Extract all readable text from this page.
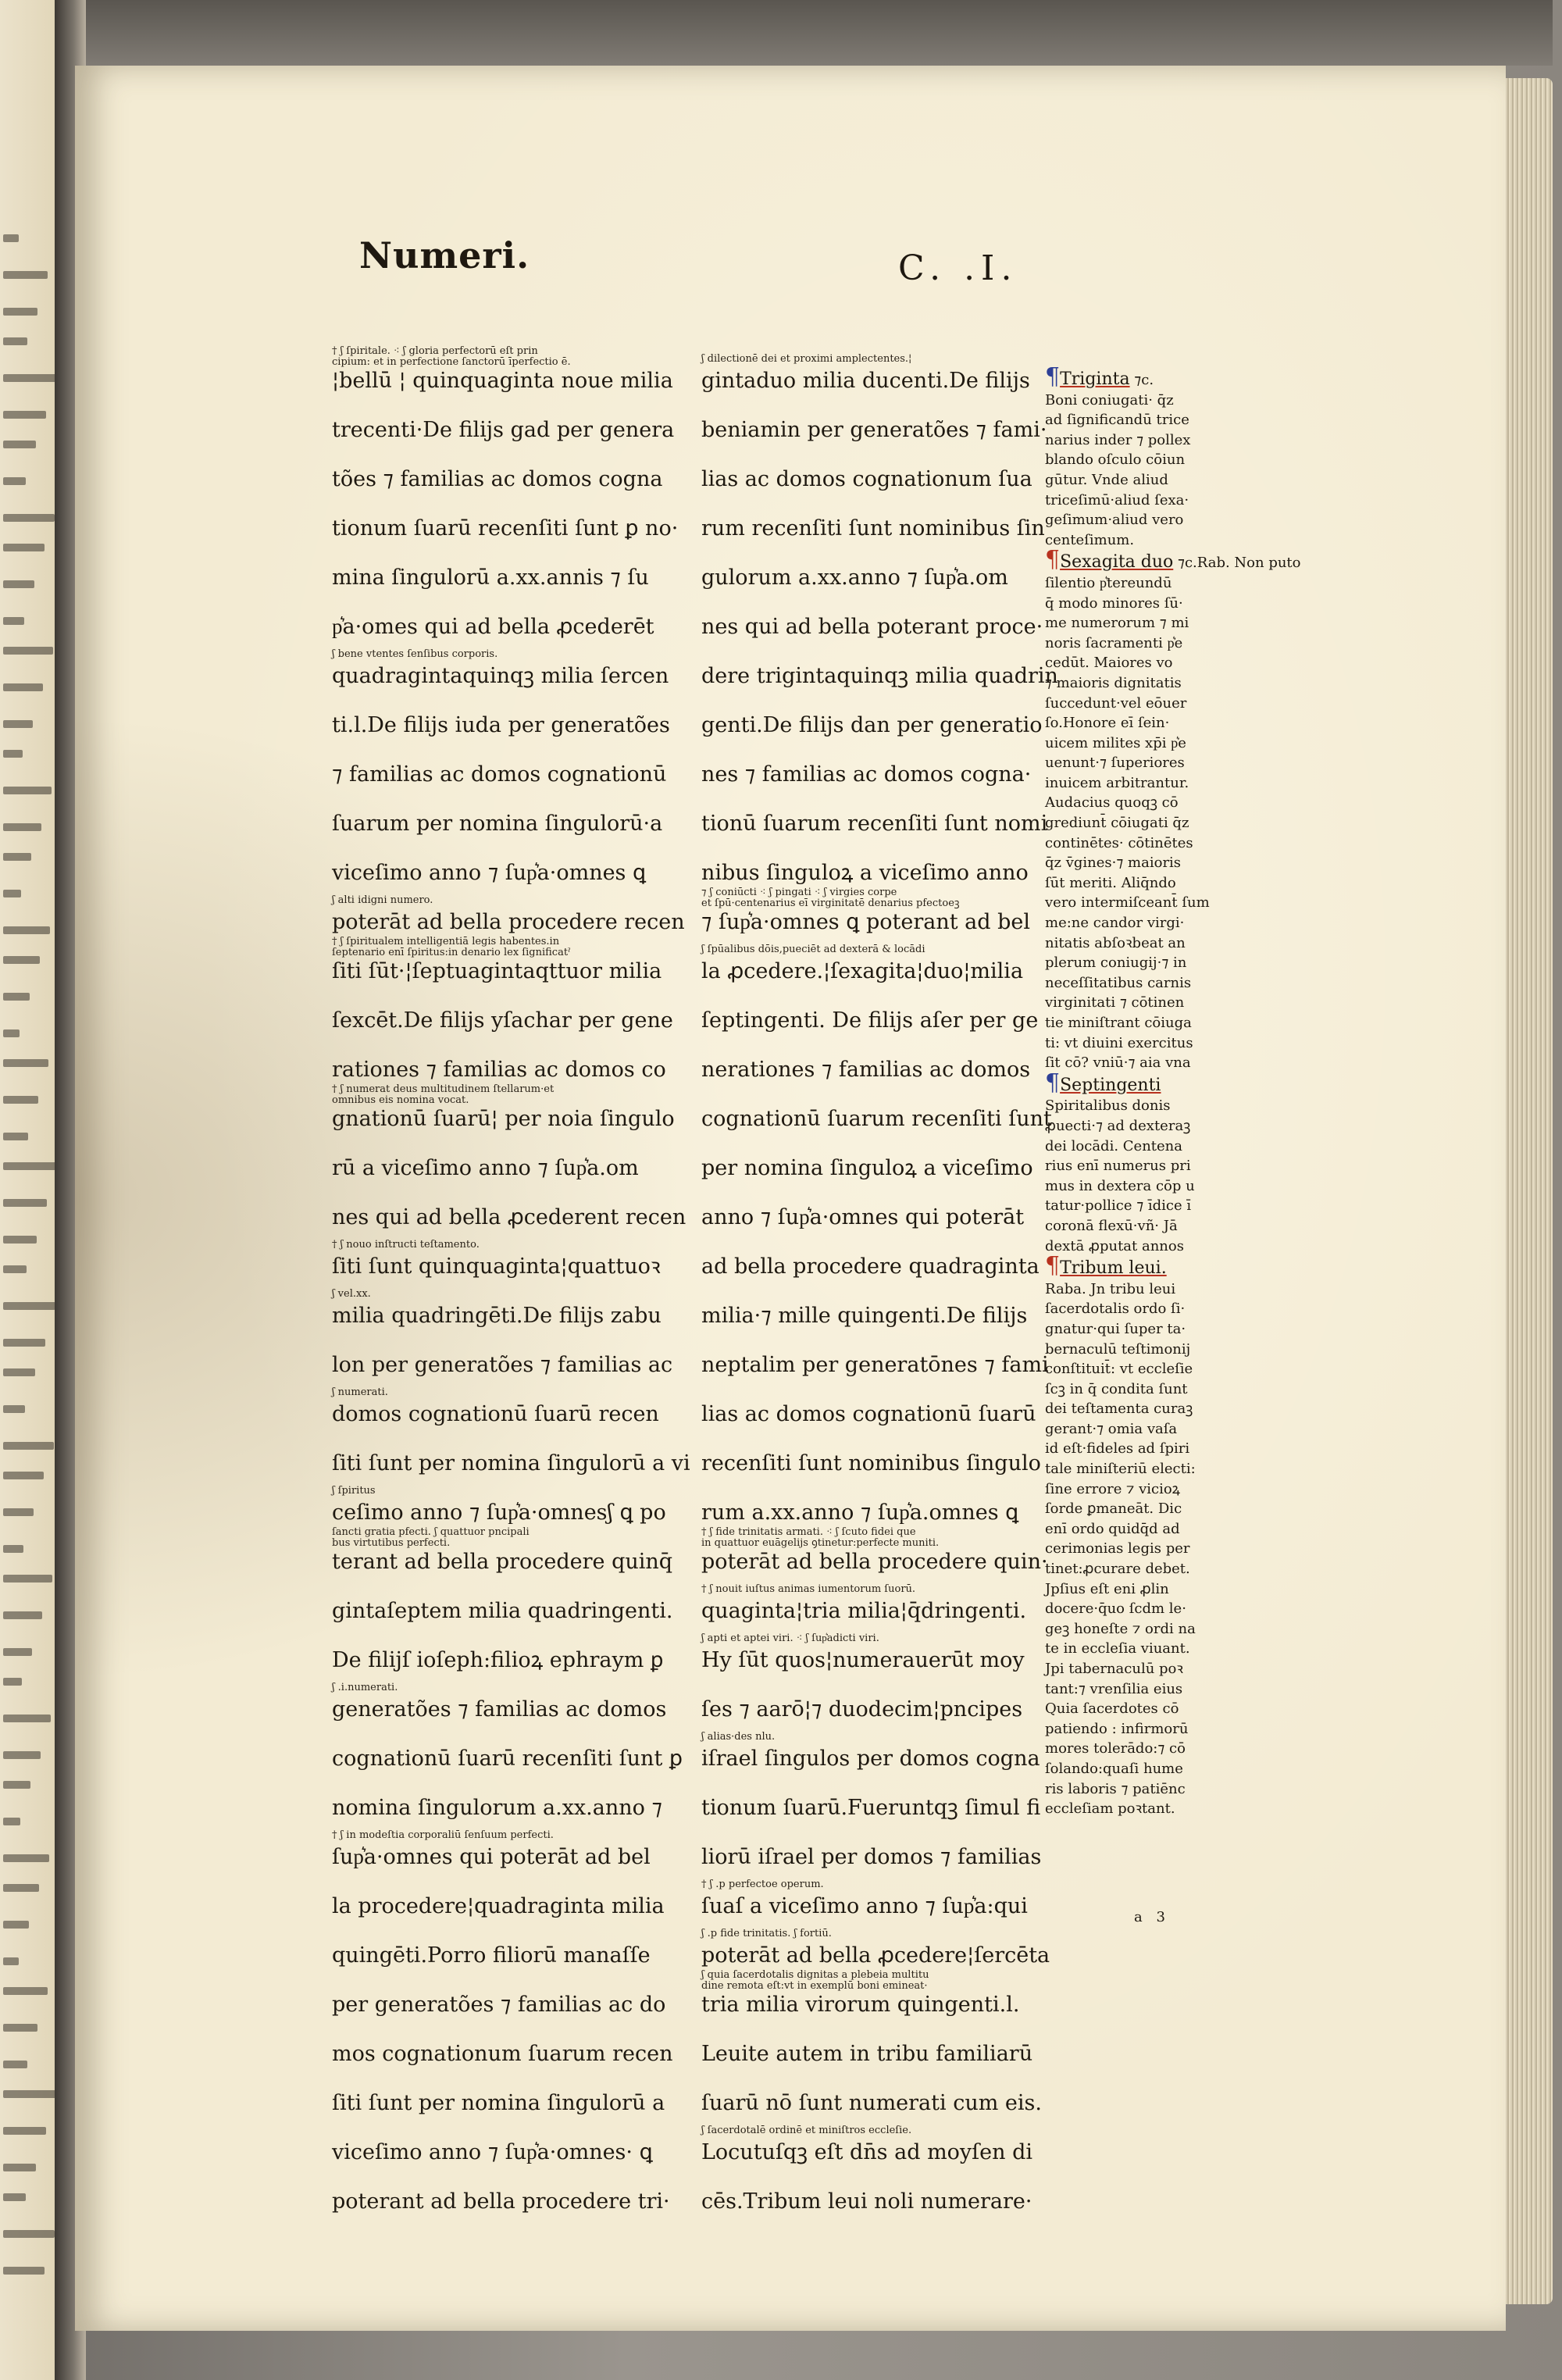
Numeri.	C. .I.
† ʃ ſpiritale. ⁖ ʃ gloria perfectorū eſt prin
cipium: et in perfectione ſanctorū īperfectio ē.
¦bellū ¦ quinquaginta noue milia
trecenti·De filijs gad per genera
tões ⁊ familias ac domos cogna
tionum ſuarū recenſiti ſunt ꝑ no·
mina ſingulorū a.xx.annis ⁊ ſu
p͛a·omes qui ad bella ꝓcederēt
ʃ bene vtentes ſenſibus corporis.
quadragintaquinqꝫ milia ſercen
ti.l.De filijs iuda per generatões
⁊ familias ac domos cognationū
ſuarum per nomina ſingulorū·a
viceſimo anno ⁊ ſup͛a·omnes ꝗ
ʃ alti idigni numero.
poterāt ad bella procedere recen
† ʃ ſpiritualem intelligentiā legis habentes.in
ſeptenario enī ſpiritus:in denario lex ſignificatˀ
ſiti ſūt·¦ſeptuagintaqttuor milia
ſexcēt.De filijs yſachar per gene
rationes ⁊ familias ac domos co
† ʃ numerat deus multitudinem ſtellarum·et
omnibus eis nomina vocat.
gnationū ſuarū¦ per noia ſingulo
rū a viceſimo anno ⁊ ſup͛a.om
nes qui ad bella ꝓcederent recen
† ʃ nouo inſtructi teſtamento.
ſiti ſunt quinquaginta¦quattuoꝛ
ʃ vel.xx.
milia quadringēti.De filijs zabu
lon per generatões ⁊ familias ac
ʃ numerati.
domos cognationū ſuarū recen
ſiti ſunt per nomina ſingulorū a vi
ʃ ſpiritus
ceſimo anno ⁊ ſup͛a·omnesʃ ꝗ po
ſancti gratia pfecti. ʃ quattuor pncipali
bus virtutibus perfecti.
terant ad bella procedere quinq̄
gintaſeptem milia quadringenti.
De filijſ ioſeph:filioꝝ ephraym ꝑ
ʃ .i.numerati.
generatões ⁊ familias ac domos
cognationū ſuarū recenſiti ſunt ꝑ
nomina ſingulorum a.xx.anno ⁊
† ʃ in modeſtia corporaliū ſenſuum perfecti.
ſup͛a·omnes qui poterāt ad bel
la procedere¦quadraginta milia
quingēti.Porro filiorū manaſſe
per generatões ⁊ familias ac do
mos cognationum ſuarum recen
ſiti ſunt per nomina ſingulorū a
viceſimo anno ⁊ ſup͛a·omnes· ꝗ
poterant ad bella procedere tri·
ʃ dilectionē dei et proximi amplectentes.¦
gintaduo milia ducenti.De filijs
beniamin per generatões ⁊ fami·
lias ac domos cognationum ſua
rum recenſiti ſunt nominibus ſin
gulorum a.xx.anno ⁊ ſup͛a.om
nes qui ad bella poterant proce·
dere trigintaquinqꝫ milia quadrin
genti.De filijs dan per generatio
nes ⁊ familias ac domos cogna·
tionū ſuarum recenſiti ſunt nomi
nibus ſinguloꝝ a viceſimo anno
⁊ ʃ coniūcti ⁖ ʃ pingati ⁖ ʃ virgies corpe
et ſpū·centenarius eī virginitatē denarius pfectoeꝫ
⁊ ſup͛a·omnes ꝗ poterant ad bel
ʃ ſpūalibus dōis,pueciēt ad dexterā & locādi
la ꝓcedere.¦ſexagita¦duo¦milia
ſeptingenti. De filijs aſer per ge
nerationes ⁊ familias ac domos
cognationū ſuarum recenſiti ſunt
per nomina ſinguloꝝ a viceſimo
anno ⁊ ſup͛a·omnes qui poterāt
ad bella procedere quadraginta
milia·⁊ mille quingenti.De filijs
neptalim per generatōnes ⁊ fami
lias ac domos cognationū ſuarū
recenſiti ſunt nominibus ſingulo
rum a.xx.anno ⁊ ſup͛a.omnes ꝗ
† ʃ fide trinitatis armati. ⁖ ʃ ſcuto fidei que
in quattuor euāgelijs ꝯtinetur:perfecte muniti.
poterāt ad bella procedere quin·
† ʃ nouit iuſtus animas iumentorum ſuorū.
quaginta¦tria milia¦q̄dringenti.
ʃ apti et aptei viri. ⁖ ʃ ſup͛adicti viri.
Hy ſūt quos¦numerauerūt moy
ſes ⁊ aarō¦⁊ duodecim¦pncipes
ʃ alias·des nlu.
iſrael ſingulos per domos cogna
tionum ſuarū.Fueruntqꝫ ſimul fi
liorū iſrael per domos ⁊ familias
† ʃ .p perfectoe operum.
ſuaſ a viceſimo anno ⁊ ſup͛a:qui
ʃ .p fide trinitatis. ʃ fortiū.
poterāt ad bella ꝓcedere¦ſercēta
ʃ quia ſacerdotalis dignitas a plebeia multitu
dine remota eſt:vt in exemplū boni emineat·
tria milia virorum quingenti.l.
Leuite autem in tribu familiarū
ſuarū nō ſunt numerati cum eis.
ʃ ſacerdotalē ordinē et miniſtros eccleſie.
Locutuſqꝫ eſt dn̄s ad moyſen di
cēs.Tribum leui noli numerare·
¶Triginta ⁊c.
Boni coniugati· q̄z
ad ſignificandū trice
narius inder ⁊ pollex
blando oſculo cōiun
gūtur. Vnde aliud
triceſimū·aliud ſexa·
geſimum·aliud vero
centeſimum.
¶Sexagita duo ⁊c.Rab. Non puto
ſilentio p͛tereundū
q̄ modo minores ſū·
me numerorum ⁊ mi
noris ſacramenti p͛e
cedūt. Maiores vo
⁊ maioris dignitatis
ſuccedunt·vel eōuer
ſo.Honore eī ſein·
uicem milites xp̄i p͛e
uenunt·⁊ ſuperiores
inuicem arbitrantur.
Audacius quoqꝫ cō
grediunt̄ cōiugati q̄z
continētes· cōtinētes
q̄z v̄gines·⁊ maioris
ſūt meriti. Aliq̄ndo
vero intermiſceant̄ ſum
me:ne candor virgi·
nitatis abſoꝛbeat an
plerum coniugij·⁊ in
neceſſitatibus carnis
virginitati ⁊ cōtinen
tie miniſtrant cōiuga
ti: vt diuini exercitus
ſit cō? vniū·⁊ aia vna
¶Septingenti
Spiritalibus donis
ꝓuecti·⁊ ad dexteraꝫ
dei locādi. Centena
rius enī numerus pri
mus in dextera cōp u
tatur·pollice ⁊ īdice ī
coronā flexū·vñ· Jā
dextā ꝓputat annos
¶Tribum leui.
Raba. Jn tribu leui
ſacerdotalis ordo ſi·
gnatur·qui ſuper ta·
bernaculū teſtimonij
conſtituit̄: vt eccleſie
ſcꝫ in q̄ condita ſunt
dei teſtamenta curaꝫ
gerant·⁊ omia vaſa
id eſt·fideles ad ſpiri
tale miniſteriū electi:
ſine errore ⁊ vicioꝝ
ſorde ꝑmaneāt. Dic
enī ordo quidq̄d ad
cerimonias legis per
tinet:ꝓcurare debet.
Jpſius eſt eni ꝓlin
docere·q̄uo ſcdm le·
geꝫ honeſte ⁊ ordi na
te in eccleſia viuant.
Jpi tabernaculū poꝛ
tant:⁊ vrenſilia eius
Quia ſacerdotes cō
patiendo : infirmorū
mores tolerādo:⁊ cō
ſolando:quaſi hume
ris laboris ⁊ patiēnc
eccleſiam poꝛtant.
a 3
